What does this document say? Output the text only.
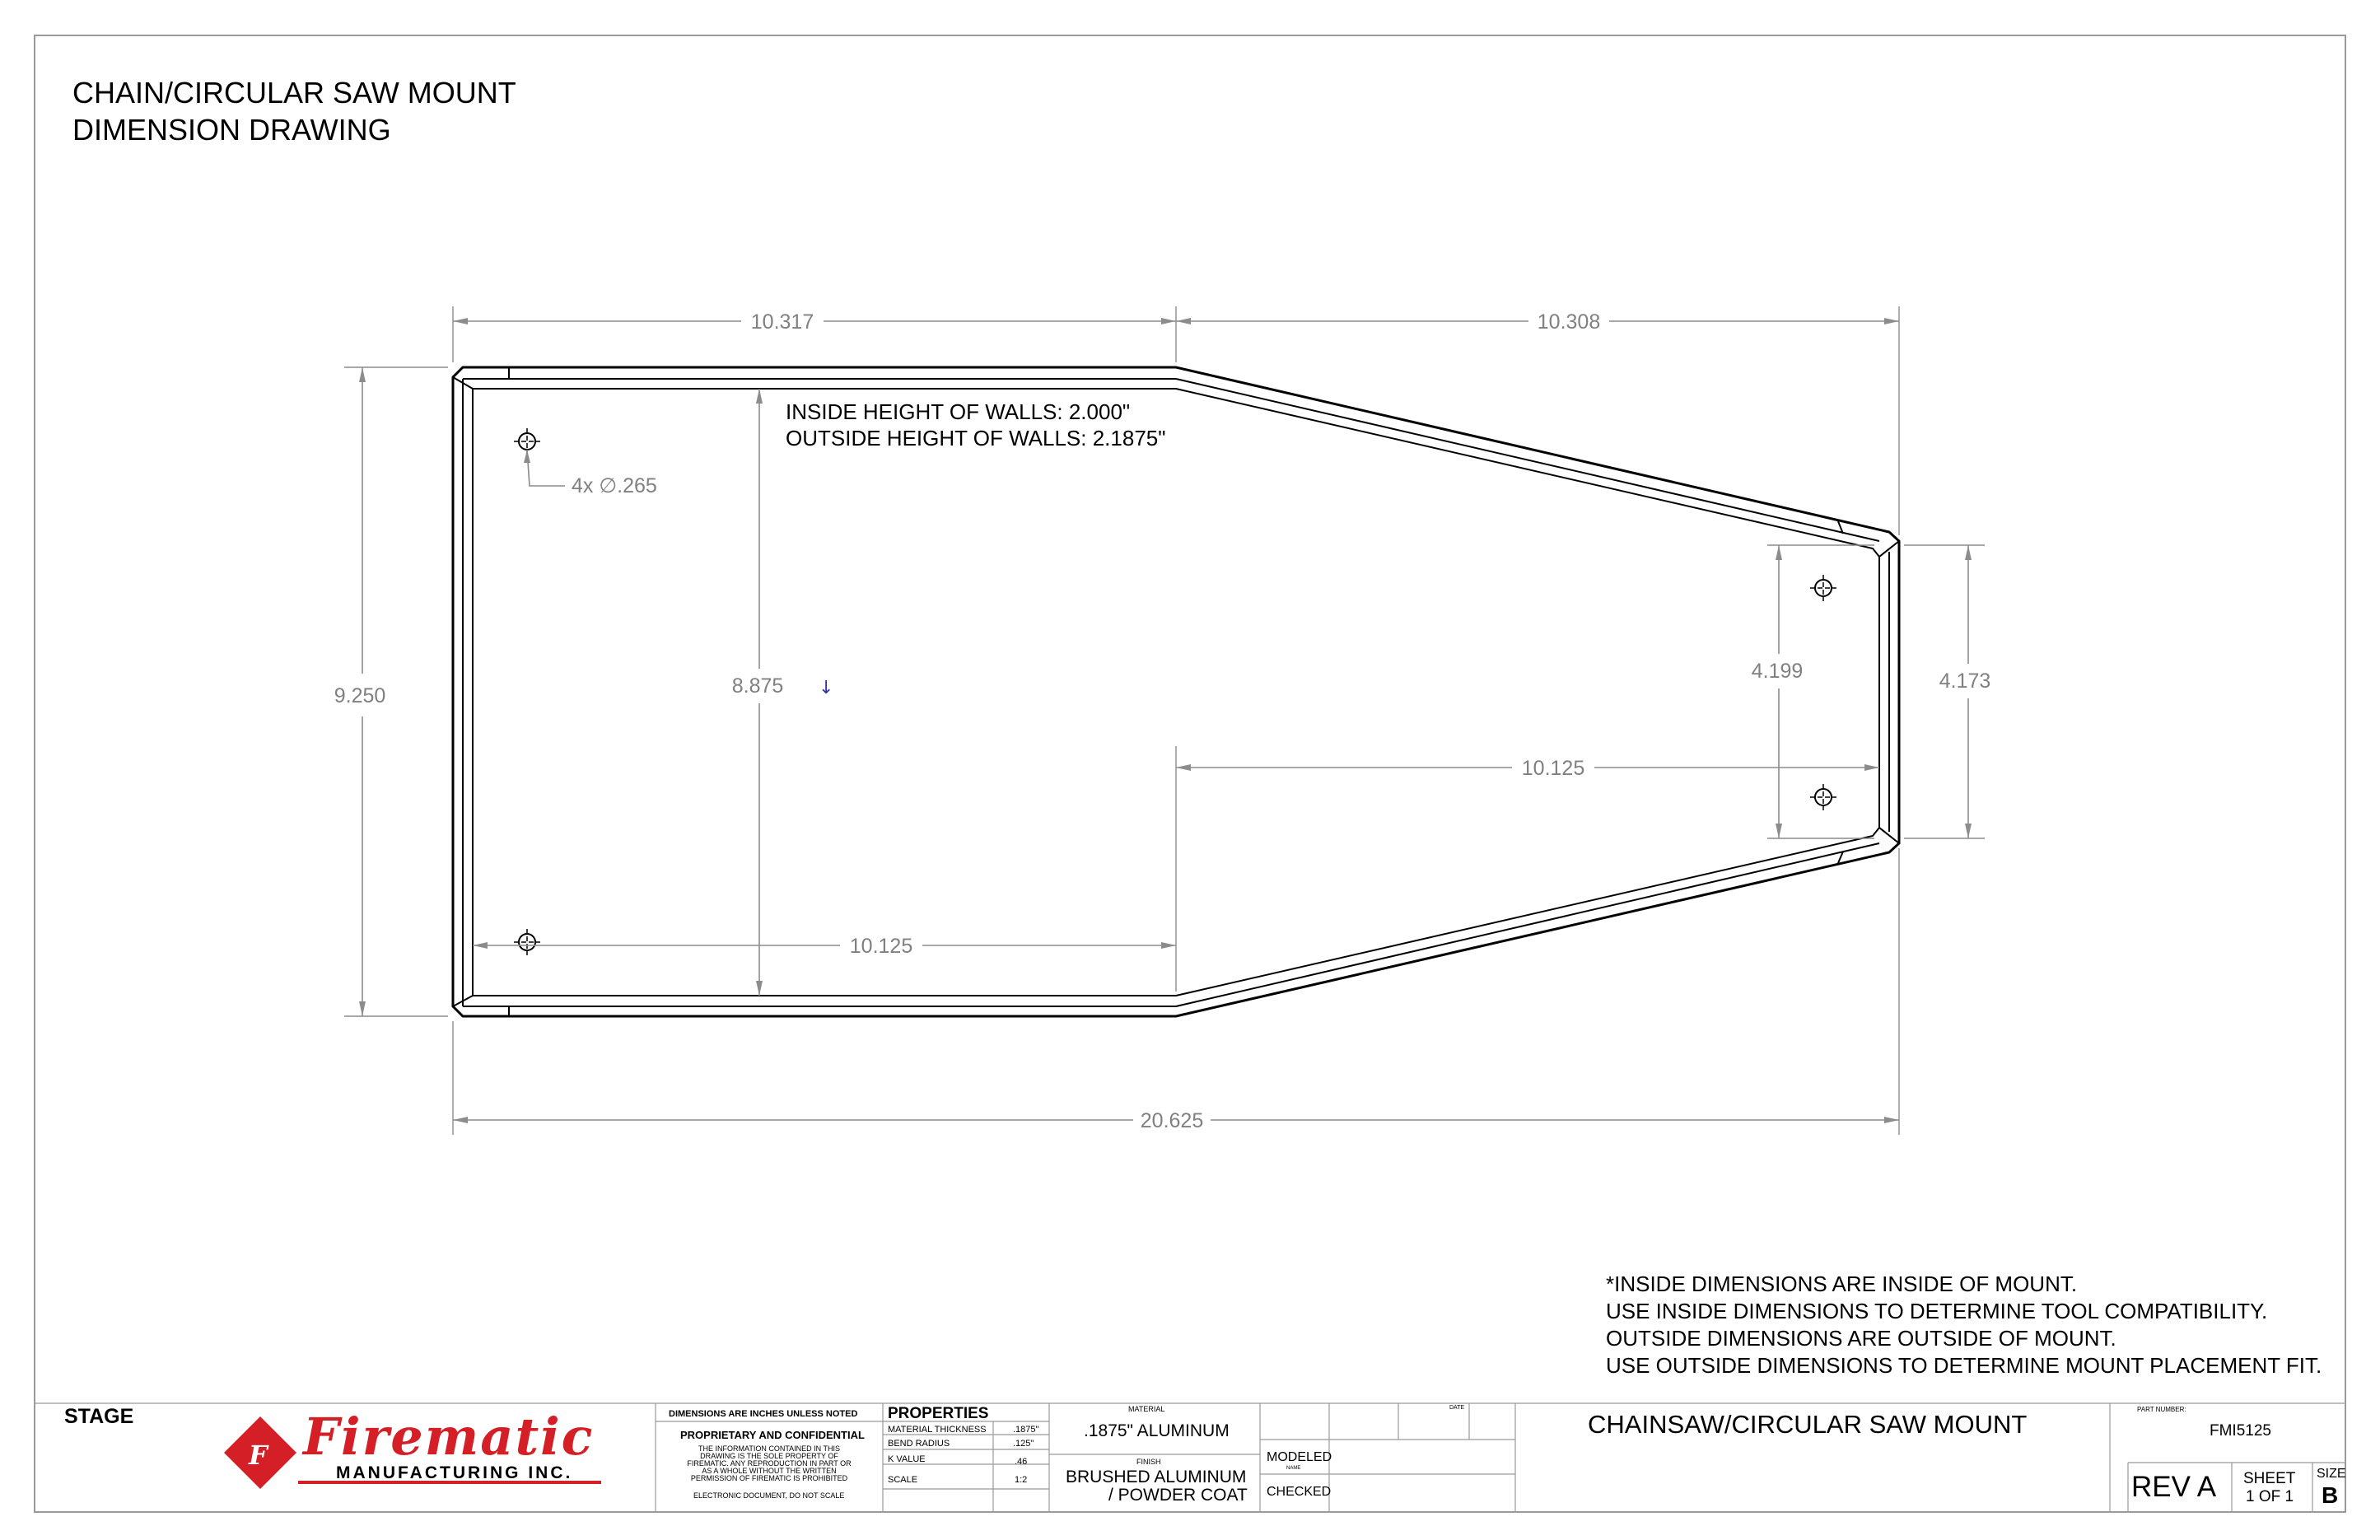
↓
10.317	10.308
20.625
9.250	8.875
10.125
10.125
4.199	4.173
4x ∅.265
F
CHAIN/CIRCULAR SAW MOUNT
DIMENSION DRAWING
INSIDE HEIGHT OF WALLS: 2.000"
OUTSIDE HEIGHT OF WALLS: 2.1875"
*INSIDE DIMENSIONS ARE INSIDE OF MOUNT.
USE INSIDE DIMENSIONS TO DETERMINE TOOL COMPATIBILITY.
OUTSIDE DIMENSIONS ARE OUTSIDE OF MOUNT.
USE OUTSIDE DIMENSIONS TO DETERMINE MOUNT PLACEMENT FIT.
STAGE	Firematic
MANUFACTURING INC.
DIMENSIONS ARE INCHES UNLESS NOTED
PROPRIETARY AND CONFIDENTIAL
THE INFORMATION CONTAINED IN THIS
DRAWING IS THE SOLE PROPERTY OF
FIREMATIC. ANY REPRODUCTION IN PART OR
AS A WHOLE WITHOUT THE WRITTEN
PERMISSION OF FIREMATIC IS PROHIBITED
ELECTRONIC DOCUMENT, DO NOT SCALE
PROPERTIES
MATERIAL THICKNESS	.1875"
BEND RADIUS	.125"
K VALUE	.46
SCALE	1:2
MATERIAL
.1875" ALUMINUM
FINISH
BRUSHED ALUMINUM
/ POWDER COAT
MODELED
NAME
DATE
CHECKED
CHAINSAW/CIRCULAR SAW MOUNT
PART NUMBER:
FMI5125
REV A SHEET
1 OF 1
SIZE
B
